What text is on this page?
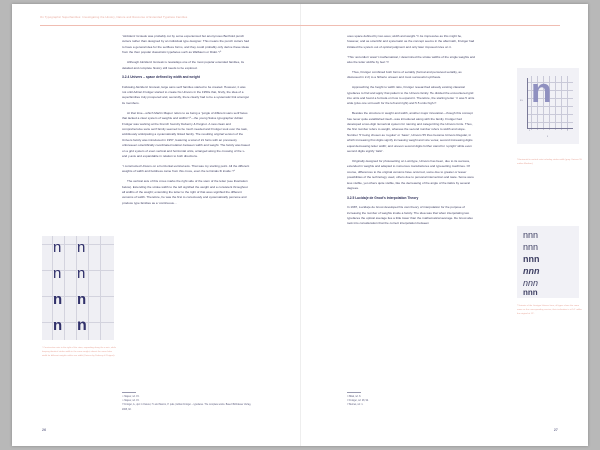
On Typographic Superfamilies: Investigating the History, Nature and Recourse of Extended Typeface Families

“Akzidenz Grotesk was probably cut by some experienced but anonymous Berthold punch cutters rather than designed by an individual type designer. This means the punch cutters had to have a general idea for the serifless forms, and they could probably only derive these ideas from the then popular classicistic typefaces such as Walbaum or Didot.”¹⁸

Although Akzidenz Grotesk is nowadays one of the most popular extended families, its detailed and complete history still needs to be explored.

3.2.4 Univers – space defined by width and weight

Following Akzidenz Grotesk, large sans serif families started to be created. However, it was not until Adrian Frutiger started to create his Univers in the 1950s that, firstly, the idea of a superfamilies truly prospered and, secondly, there clearly had to be a systematic link amongst its members.

At that time—which Martin Majoor refers to as being a “jungle of different sans serif faces that lacked a clear system of weights and widths”¹⁹—the young Swiss typographer Adrian Frutiger was working at the French foundry Deberny & Peignot. A new clean and comprehensive sans serif family seemed to be much needed and Frutiger took over the task, ambitiously anticipating a systematically linked family. The resulting original version of the Univers family was introduced in 1957, featuring a total of 21 fonts with an previously unforeseen scientifically coordinated relation between width and weight. The family was based on a grid system of even vertical and horizontal units, arranged along the crossing of the x- and y-axis and expandable in relation to both directions.

“I constructed Univers on a horizontal-vertical axis. That was my starting point. All the different weights of width and boldness came from this cross, even the terminals fit inside.”²⁰

The vertical axis of this cross marks the right side of the stem of the letter (see illustration below). Extending the stroke width to the left signified the weight and a consistent throughout all widths of the weight; extending the letter to the right of that axes signified the different versions of width. Therefore, he was the first to consciously and systematically perceive and produce type families as a ‘continuous…

¹⁸ Majoor, ref. 15.
¹⁹ Majoor, ref. 15.
²⁰ Frutiger, A., qtd. in Osterer, H. and Stamm, P. (eds.) Adrian Frutiger – typefaces. The complete works. Basel: Birkhäuser Verlag, 2008, 92.
n n
n n
n n
n n
¹ Construction axis to the right of the stem, expanding along the x-axis, while keeping identical stroke width in the same weight, almost the same letter width for different weights within one width (Univers by Deberny & Peignot).
26

uous space defined by two axes; width and weight.”²¹ As impressive as this might be, however, and as scientific and systematic as the concept seems in the aftermath, Frutiger had initiated the system out of optical judgment and only later imposed rules on it.

“This ‘accordion’ wasn’t mathematical, I determined the stroke widths of the single weights and also the letter widths by feel.”²²

Thus, Frutiger combined both forms of seriality (formal and perceived seriality, as discussed in 2.2) to a hitherto unseen and most successful synthesis.

Approaching the height to width ratio, Frutiger researched already existing classical typefaces to find and apply that pattern to the Univers family. He divided the encountered grid into units and found a formula on how to expand it. Therefore, the starting letter ‘n’ was 5 units wide (plus one unit each for the left and right) and 5.5 units high.²³

Besides the structure in weight and width, another major innovation—though this concept has never quite established itself—was introduced along with the family. Frutiger had developed a two-digit numerical system for naming and categorizing the Univers fonts. Thus, the first number refers to weight, whereas the second number refers to width and slope. Number ‘5’ being chosen as ‘regular’ or ‘basic’, Univers 55 thus became Univers Regular, in which increasing first digits signify increasing weight and vice versa; second increasing digits equal decreasing letter width; and uneven second digits further stand for ‘upright’ while even second digits signify ‘italic’.

Originally designed for photosetting on Lumitype, Univers has been, due to its success, extended in weights and adapted to numerous manufactures and typesetting machines. Of course, differences to the original versions have occurred, some due to greater or lesser possibilities of the technology used, others due to personal intervention and taste. Some were less visible, yet others quite visible, like the decreasing of the angle of the italics by several degrees.

3.2.5 Lucida(e de Groot’s Interpolation Theory

In 1987, Lucida(e de Groot developed his own theory of interpolation for the purpose of increasing the number of weights inside a family. The idea was that when interpolating two typefaces the optical average lies a little lower than the mathematical average. De Groot also took into consideration that the correct interpolation between

²¹ Bilak, ref. 8.
²² Frutiger, ref. 28, 92.
²³ Bennet, ref. 1.
n
5.5
5
1	1
² Horizontal to vertical ratio including stroke width (grey: Univers 55 outline Medium).
nnn
nnn
nnn
nnn
nnn
nnn
³ Variants of the Linotype Univers here, all types share the same name as the corresponding version, their inclination is at 14° unlike the original at 12°.
27
